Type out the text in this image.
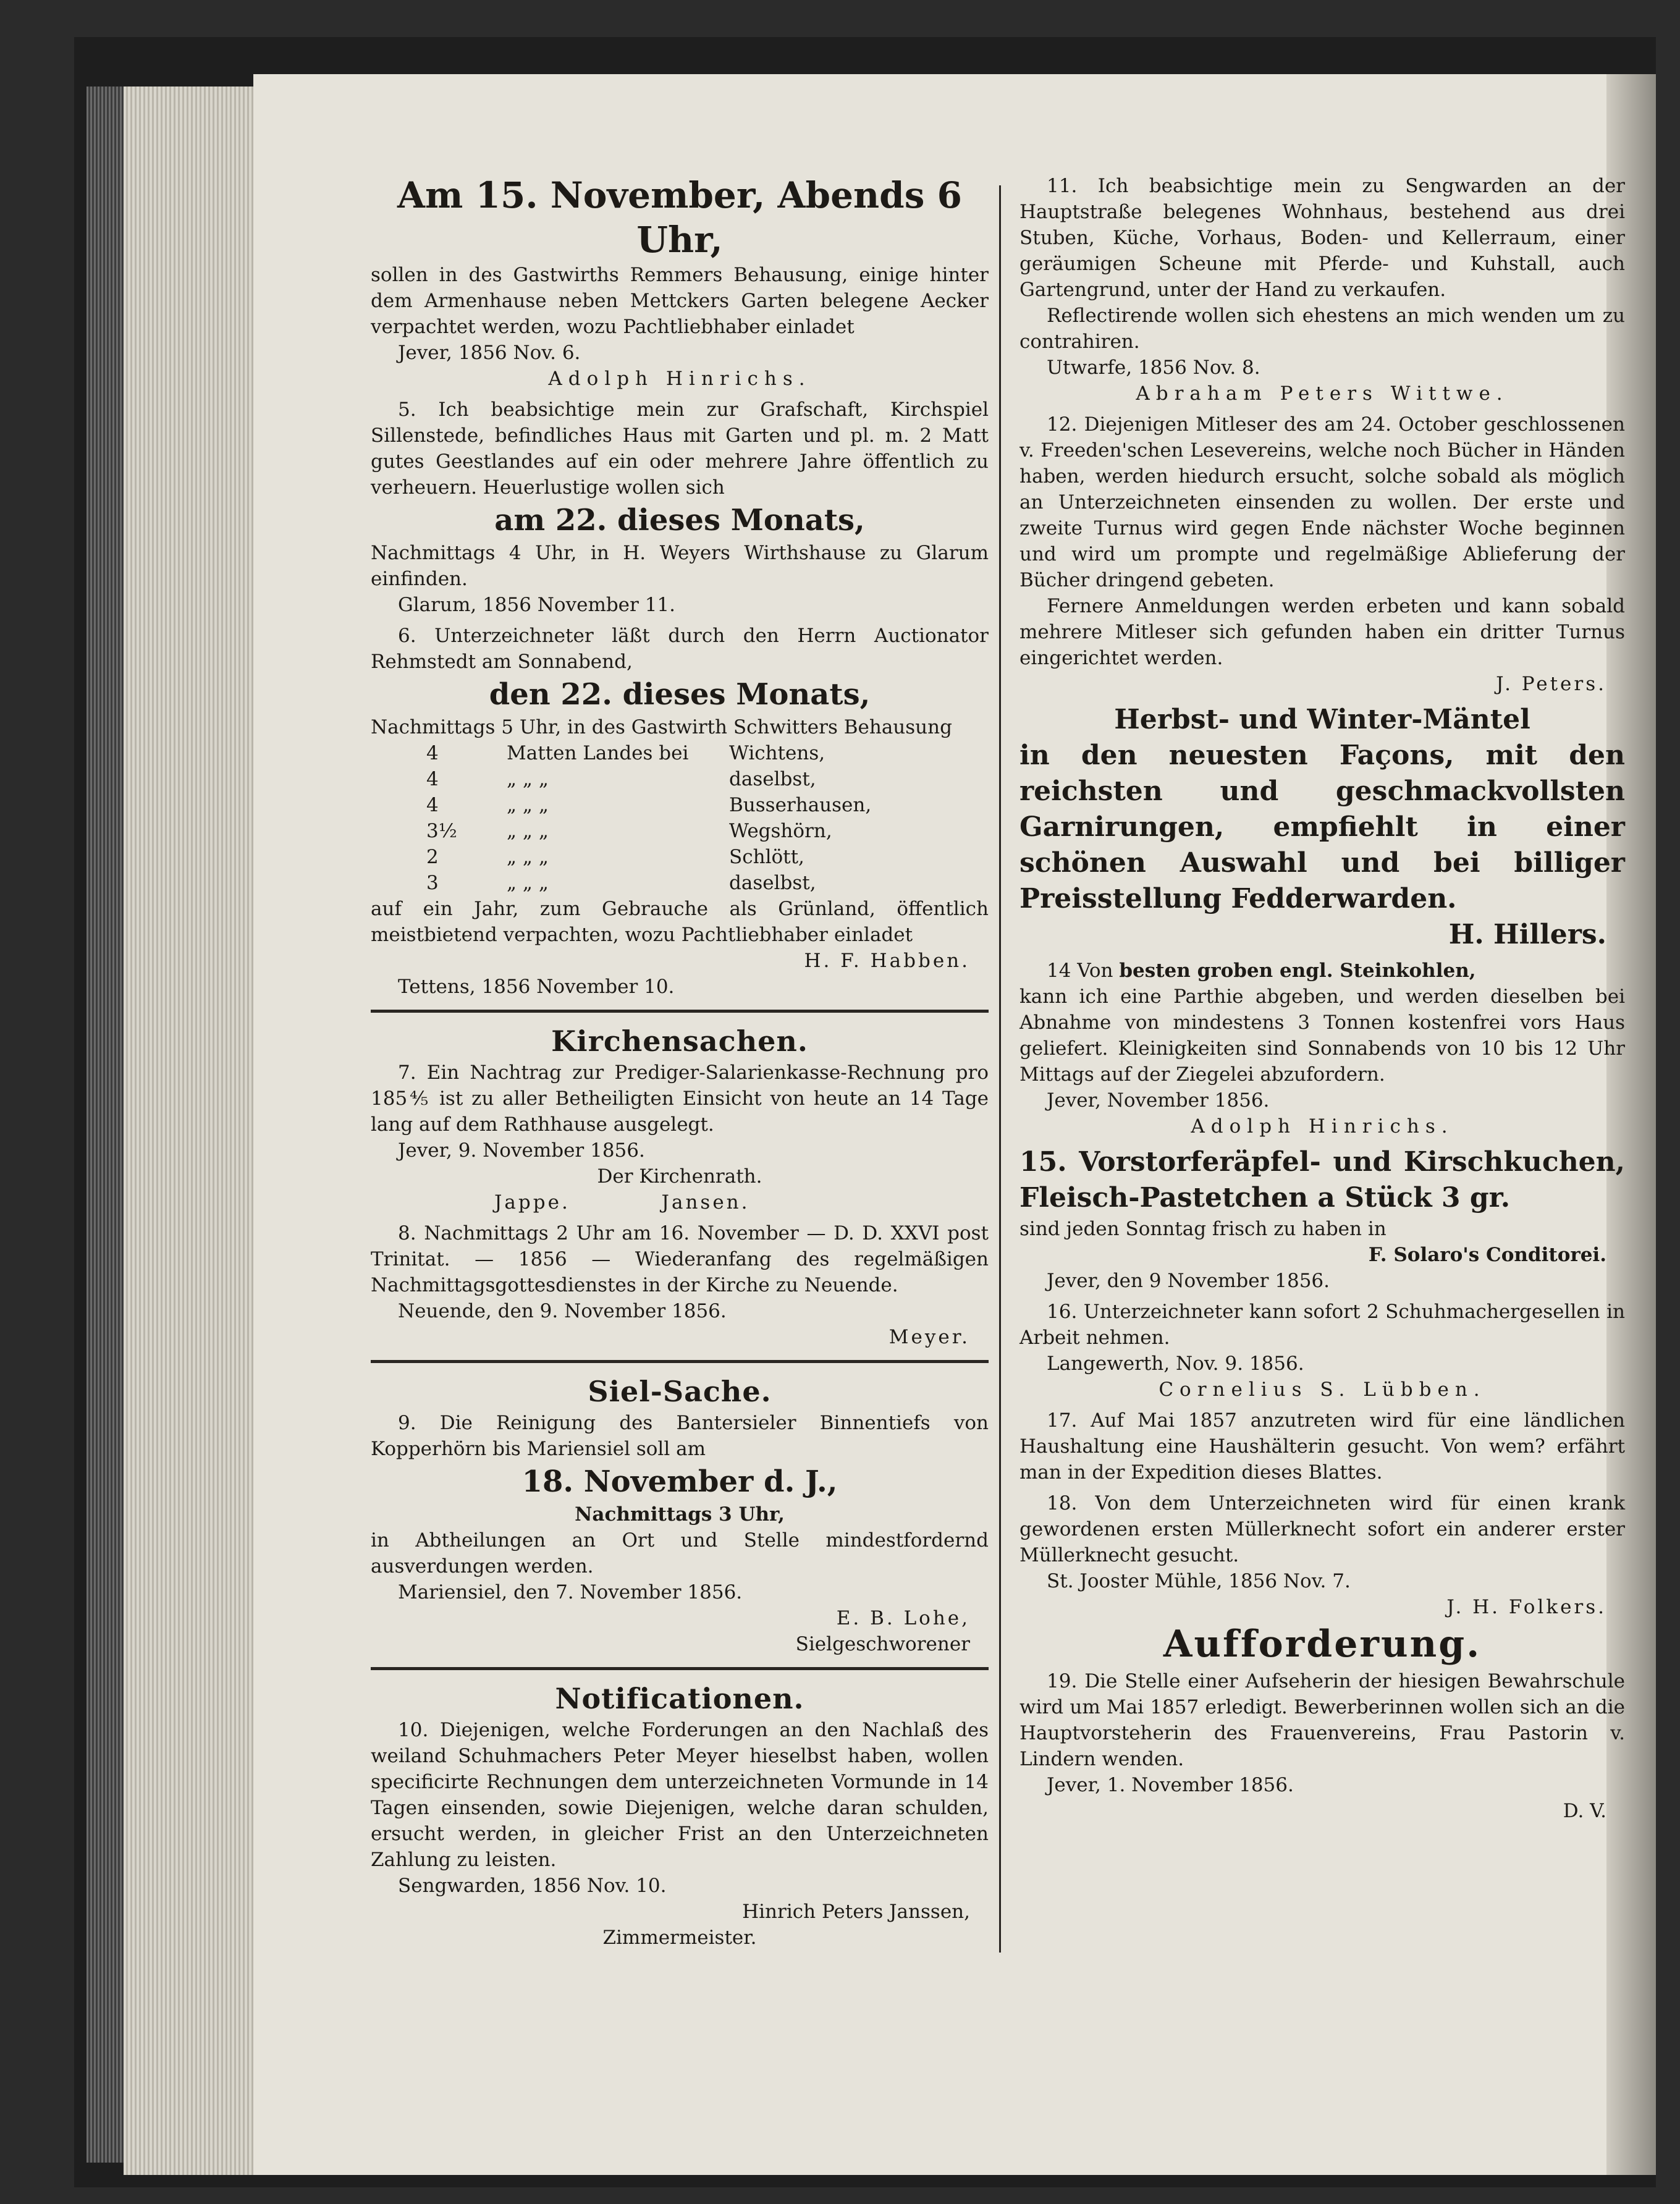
Am 15. November, Abends 6 Uhr,

sollen in des Gastwirths Remmers Behausung, einige hinter dem Armenhause neben Mettckers Garten belegene Aecker verpachtet werden, wozu Pachtliebhaber einladet

Jever, 1856 Nov. 6.

Adolph Hinrichs.

5. Ich beabsichtige mein zur Grafschaft, Kirchspiel Sillenstede, befindliches Haus mit Garten und pl. m. 2 Matt gutes Geestlandes auf ein oder mehrere Jahre öffentlich zu verheuern. Heuerlustige wollen sich

am 22. dieses Monats,

Nachmittags 4 Uhr, in H. Weyers Wirthshause zu Glarum einfinden.

Glarum, 1856 November 11.

6. Unterzeichneter läßt durch den Herrn Auctionator Rehmstedt am Sonnabend,

den 22. dieses Monats,

Nachmittags 5 Uhr, in des Gastwirth Schwitters Behausung

4	Matten Landes bei	Wichtens,
4	„ „ „	daselbst,
4	„ „ „	Busserhausen,
3½	„ „ „	Wegshörn,
2	„ „ „	Schlött,
3	„ „ „	daselbst,

auf ein Jahr, zum Gebrauche als Grünland, öffentlich meistbietend verpachten, wozu Pachtliebhaber einladet

H. F. Habben.

Tettens, 1856 November 10.

Kirchensachen.

7. Ein Nachtrag zur Prediger-Salarienkasse-Rechnung pro 185⅘ ist zu aller Betheiligten Einsicht von heute an 14 Tage lang auf dem Rathhause ausgelegt.

Jever, 9. November 1856.

Der Kirchenrath.

Jappe.	Jansen.

8. Nachmittags 2 Uhr am 16. November — D. D. XXVI post Trinitat. — 1856 — Wiederanfang des regelmäßigen Nachmittagsgottesdienstes in der Kirche zu Neuende.

Neuende, den 9. November 1856.

Meyer.

Siel-Sache.

9. Die Reinigung des Bantersieler Binnentiefs von Kopperhörn bis Mariensiel soll am

18. November d. J.,

Nachmittags 3 Uhr,

in Abtheilungen an Ort und Stelle mindestfordernd ausverdungen werden.

Mariensiel, den 7. November 1856.

E. B. Lohe,

Sielgeschworener

Notificationen.

10. Diejenigen, welche Forderungen an den Nachlaß des weiland Schuhmachers Peter Meyer hieselbst haben, wollen specificirte Rechnungen dem unterzeichneten Vormunde in 14 Tagen einsenden, sowie Diejenigen, welche daran schulden, ersucht werden, in gleicher Frist an den Unterzeichneten Zahlung zu leisten.

Sengwarden, 1856 Nov. 10.

Hinrich Peters Janssen,

Zimmermeister.

11. Ich beabsichtige mein zu Sengwarden an der Hauptstraße belegenes Wohnhaus, bestehend aus drei Stuben, Küche, Vorhaus, Boden- und Kellerraum, einer geräumigen Scheune mit Pferde- und Kuhstall, auch Gartengrund, unter der Hand zu verkaufen.

Reflectirende wollen sich ehestens an mich wenden um zu contrahiren.

Utwarfe, 1856 Nov. 8.

Abraham Peters Wittwe.

12. Diejenigen Mitleser des am 24. October geschlossenen v. Freeden'schen Lesevereins, welche noch Bücher in Händen haben, werden hiedurch ersucht, solche sobald als möglich an Unterzeichneten einsenden zu wollen. Der erste und zweite Turnus wird gegen Ende nächster Woche beginnen und wird um prompte und regelmäßige Ablieferung der Bücher dringend gebeten.

Fernere Anmeldungen werden erbeten und kann sobald mehrere Mitleser sich gefunden haben ein dritter Turnus eingerichtet werden.

J. Peters.

Herbst- und Winter-Mäntel

in den neuesten Façons, mit den reichsten und geschmackvollsten Garnirungen, empfiehlt in einer schönen Auswahl und bei billiger Preisstellung Fedderwarden.

H. Hillers.

14 Von besten groben engl. Steinkohlen,

kann ich eine Parthie abgeben, und werden dieselben bei Abnahme von mindestens 3 Tonnen kostenfrei vors Haus geliefert. Kleinigkeiten sind Sonnabends von 10 bis 12 Uhr Mittags auf der Ziegelei abzufordern.

Jever, November 1856.

Adolph Hinrichs.

15. Vorstorferäpfel- und Kirschkuchen, Fleisch-Pastetchen a Stück 3 gr.

sind jeden Sonntag frisch zu haben in

F. Solaro's Conditorei.

Jever, den 9 November 1856.

16. Unterzeichneter kann sofort 2 Schuhmachergesellen in Arbeit nehmen.

Langewerth, Nov. 9. 1856.

Cornelius S. Lübben.

17. Auf Mai 1857 anzutreten wird für eine ländlichen Haushaltung eine Haushälterin gesucht. Von wem? erfährt man in der Expedition dieses Blattes.

18. Von dem Unterzeichneten wird für einen krank gewordenen ersten Müllerknecht sofort ein anderer erster Müllerknecht gesucht.

St. Jooster Mühle, 1856 Nov. 7.

J. H. Folkers.

Aufforderung.

19. Die Stelle einer Aufseherin der hiesigen Bewahrschule wird um Mai 1857 erledigt. Bewerberinnen wollen sich an die Hauptvorsteherin des Frauenvereins, Frau Pastorin v. Lindern wenden.

Jever, 1. November 1856.

D. V.
